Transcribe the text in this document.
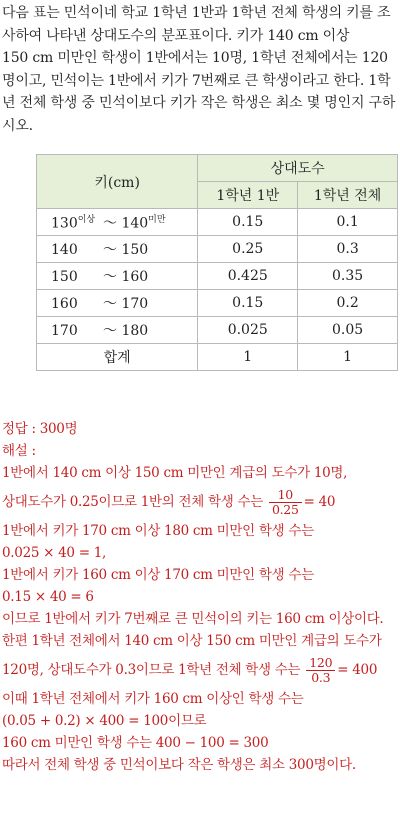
다음 표는 민석이네 학교 1학년 1반과 1학년 전체 학생의 키를 조
사하여 나타낸 상대도수의 분포표이다. 키가 140 cm 이상
150 cm 미만인 학생이 1반에서는 10명, 1학년 전체에서는 120
명이고, 민석이는 1반에서 키가 7번째로 큰 학생이라고 한다. 1학
년 전체 학생 중 민석이보다 키가 작은 학생은 최소 몇 명인지 구하
시오.
키(cm)	상대도수	
	1학년 1반	1학년 전체
$130^{이상}$ ～ $140^{미만}$	0.15	0.1
140 ～ 150	0.25	0.3
150 ～ 160	0.425	0.35
160 ～ 170	0.15	0.2
170 ～ 180	0.025	0.05
합계	1	1
정답 : 300명
해설 :
1반에서 140 cm 이상 150 cm 미만인 계급의 도수가 10명,
상대도수가 0.25이므로 1반의 전체 학생 수는 $\frac{10}{0.25} = 40$
1반에서 키가 170 cm 이상 180 cm 미만인 학생 수는
0.025 × 40 = 1,
1반에서 키가 160 cm 이상 170 cm 미만인 학생 수는
0.15 × 40 = 6
이므로 1반에서 키가 7번째로 큰 민석이의 키는 160 cm 이상이다.
한편 1학년 전체에서 140 cm 이상 150 cm 미만인 계급의 도수가
120명, 상대도수가 0.3이므로 1학년 전체 학생 수는 $\frac{120}{0.3} = 400$
이때 1학년 전체에서 키가 160 cm 이상인 학생 수는
(0.05 + 0.2) × 400 = 100이므로
160 cm 미만인 학생 수는 400 − 100 = 300
따라서 전체 학생 중 민석이보다 작은 학생은 최소 300명이다.
